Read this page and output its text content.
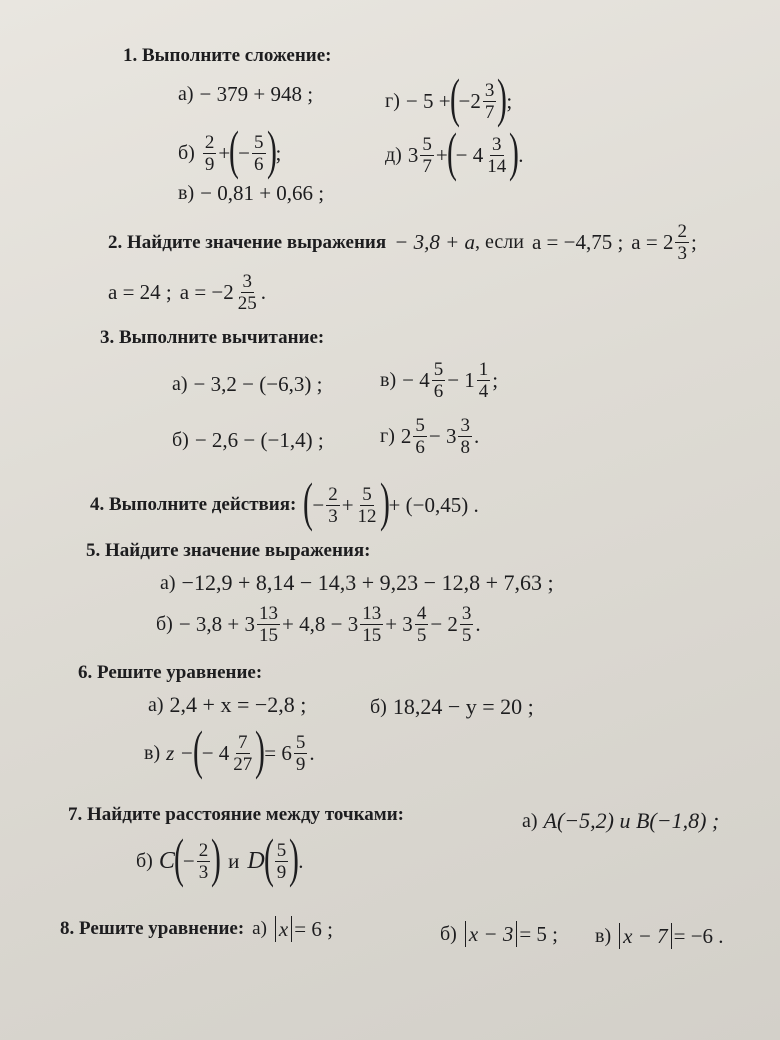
1. Выполните сложение:
а) − 379 + 948 ;	г) − 5 + ( $-2 \frac{3}{7}$ ) ;
$б) \frac{2}{9}$ + ( − $\frac{5}{6}$ ) ;	д) $3 \frac{5}{7}$ + ( − $4 \frac{3}{14}$ ) .
в) − 0,81 + 0,66 ;
2. Найдите значение выражения − 3,8 + a , если a = −4,75 ; $a = 2 \frac{2}{3}$ ;
a = 24 ; $a = -2 \frac{3}{25}$ .
3. Выполните вычитание:
а) − 3,2 − (−6,3) ;	$в) - 4 \frac{5}{6} - 1 \frac{1}{4}$ ;
б) − 2,6 − (−1,4) ;	г) $2 \frac{5}{6} - 3 \frac{3}{8}$ .
4. Выполните действия: ( − $\frac{2}{3} + \frac{5}{12}$ ) + (−0,45) .
5. Найдите значение выражения:
а) −12,9 + 8,14 − 14,3 + 9,23 − 12,8 + 7,63 ;
$б) - 3,8 + 3 \frac{13}{15} + 4,8 - 3 \frac{13}{15} + 3 \frac{4}{5} - 2 \frac{3}{5}$ .
6. Решите уравнение:
а) 2,4 + x = −2,8 ;	б) 18,24 − y = 20 ;
в) z − ( − $4 \frac{7}{27}$ ) = $6 \frac{5}{9}$ .
7. Найдите расстояние между точками:	а) A(−5,2) и B(−1,8) ;
б) C ( − $\frac{2}{3}$ ) и D ( $\frac{5}{9}$ ) .
8. Решите уравнение: а) x = 6 ;	б) x − 3 = 5 ; в) x − 7 = −6 .
